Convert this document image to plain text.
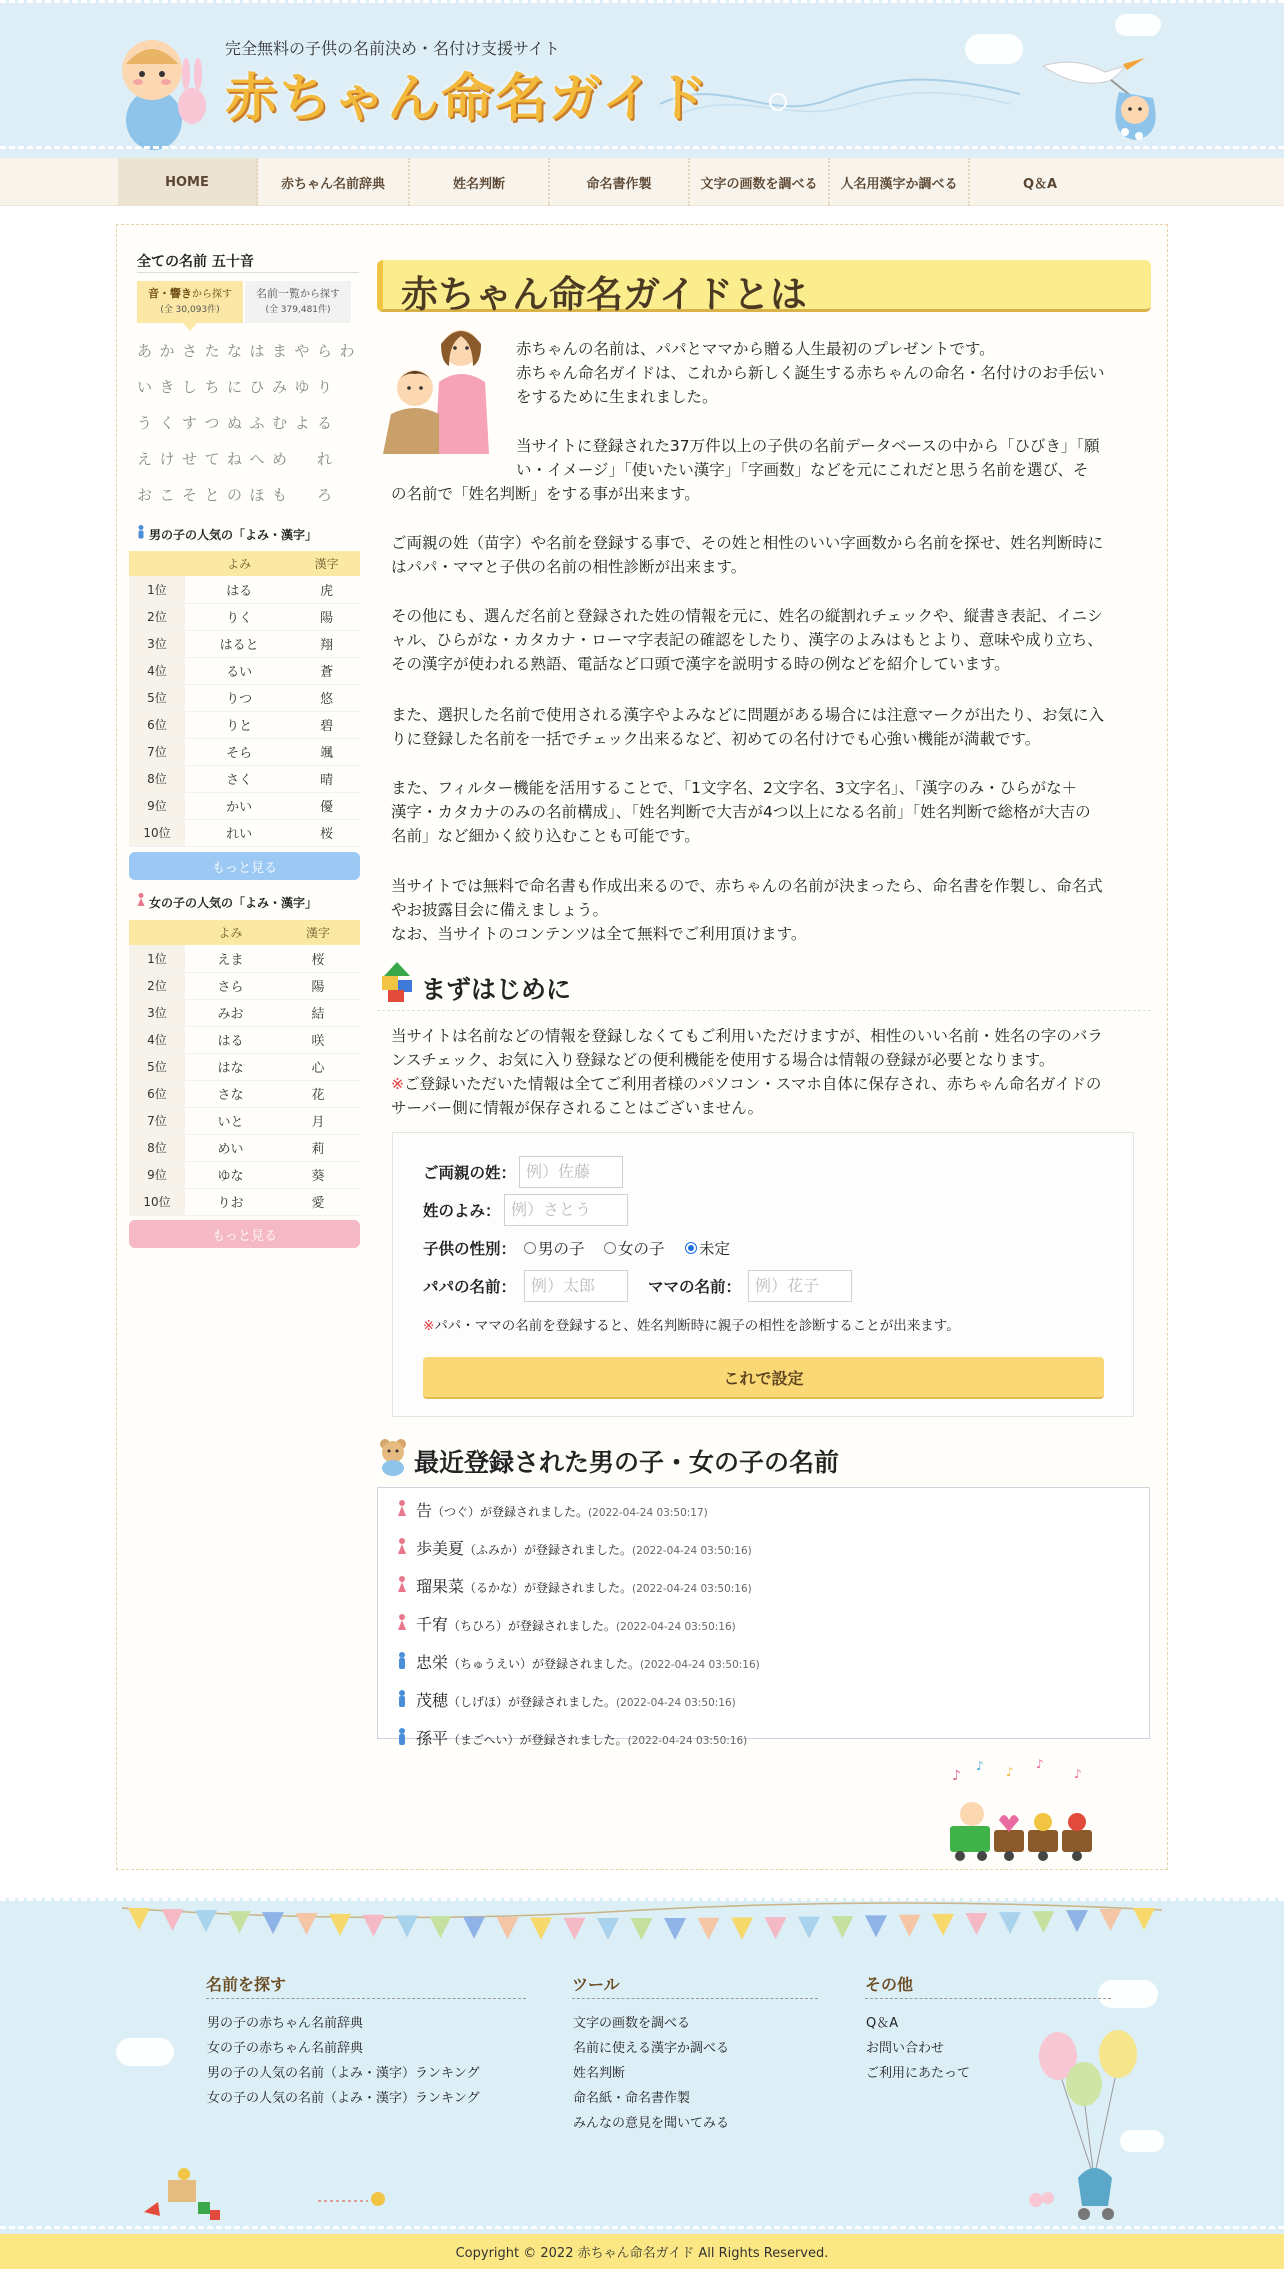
完全無料の子供の名前決め・名付け支援サイト
赤ちゃん命名ガイド
HOME	赤ちゃん名前辞典	姓名判断	命名書作製	文字の画数を調べる	人名用漢字か調べる	Q＆A
全ての名前 五十音
音・響きから探す
(全 30,093件)
名前一覧から探す
(全 379,481件)
あ か さ た な は ま や ら わ
い き し ち に ひ み ゆ り
う く す つ ぬ ふ む よ る
え け せ て ね へ め	れ
お こ そ と の ほ も	ろ
男の子の人気の「よみ・漢字」
	よみ	漢字
1位	はる	虎
2位	りく	陽
3位	はると	翔
4位	るい	蒼
5位	りつ	悠
6位	りと	碧
7位	そら	颯
8位	さく	晴
9位	かい	優
10位	れい	桜
もっと見る
女の子の人気の「よみ・漢字」
	よみ	漢字
1位	えま	桜
2位	さら	陽
3位	みお	結
4位	はる	咲
5位	はな	心
6位	さな	花
7位	いと	月
8位	めい	莉
9位	ゆな	葵
10位	りお	愛
もっと見る
赤ちゃん命名ガイドとは
赤ちゃんの名前は、パパとママから贈る人生最初のプレゼントです。
赤ちゃん命名ガイドは、これから新しく誕生する赤ちゃんの命名・名付けのお手伝い
をするために生まれました。
当サイトに登録された37万件以上の子供の名前データベースの中から「ひびき」「願
い・イメージ」「使いたい漢字」「字画数」などを元にこれだと思う名前を選び、そ
の名前で「姓名判断」をする事が出来ます。
ご両親の姓（苗字）や名前を登録する事で、その姓と相性のいい字画数から名前を探せ、姓名判断時に
はパパ・ママと子供の名前の相性診断が出来ます。
その他にも、選んだ名前と登録された姓の情報を元に、姓名の縦割れチェックや、縦書き表記、イニシ
ャル、ひらがな・カタカナ・ローマ字表記の確認をしたり、漢字のよみはもとより、意味や成り立ち、
その漢字が使われる熟語、電話など口頭で漢字を説明する時の例などを紹介しています。
また、選択した名前で使用される漢字やよみなどに問題がある場合には注意マークが出たり、お気に入
りに登録した名前を一括でチェック出来るなど、初めての名付けでも心強い機能が満載です。
また、フィルター機能を活用することで、「1文字名、2文字名、3文字名」、「漢字のみ・ひらがな＋
漢字・カタカナのみの名前構成」、「姓名判断で大吉が4つ以上になる名前」「姓名判断で総格が大吉の
名前」など細かく絞り込むことも可能です。
当サイトでは無料で命名書も作成出来るので、赤ちゃんの名前が決まったら、命名書を作製し、命名式
やお披露目会に備えましょう。
なお、当サイトのコンテンツは全て無料でご利用頂けます。
まずはじめに
当サイトは名前などの情報を登録しなくてもご利用いただけますが、相性のいい名前・姓名の字のバラ
ンスチェック、お気に入り登録などの便利機能を使用する場合は情報の登録が必要となります。
※ご登録いただいた情報は全てご利用者様のパソコン・スマホ自体に保存され、赤ちゃん命名ガイドの
サーバー側に情報が保存されることはございません。
ご両親の姓： 例）佐藤
姓のよみ： 例）さとう
子供の性別： 男の子 女の子 未定
パパの名前： 例）太郎	ママの名前： 例）花子
※パパ・ママの名前を登録すると、姓名判断時に親子の相性を診断することが出来ます。
これで設定
最近登録された男の子・女の子の名前
告（つぐ）が登録されました。(2022-04-24 03:50:17)
歩美夏（ふみか）が登録されました。(2022-04-24 03:50:16)
瑠果菜（るかな）が登録されました。(2022-04-24 03:50:16)
千宥（ちひろ）が登録されました。(2022-04-24 03:50:16)
忠栄（ちゅうえい）が登録されました。(2022-04-24 03:50:16)
茂穂（しげほ）が登録されました。(2022-04-24 03:50:16)
孫平（まごへい）が登録されました。(2022-04-24 03:50:16)
♪
♪ ♪
♪
♪
名前を探す
男の子の赤ちゃん名前辞典
女の子の赤ちゃん名前辞典
男の子の人気の名前（よみ・漢字）ランキング
女の子の人気の名前（よみ・漢字）ランキング
ツール
文字の画数を調べる
名前に使える漢字か調べる
姓名判断
命名紙・命名書作製
みんなの意見を聞いてみる
その他
Q＆A
お問い合わせ
ご利用にあたって
Copyright © 2022 赤ちゃん命名ガイド All Rights Reserved.
